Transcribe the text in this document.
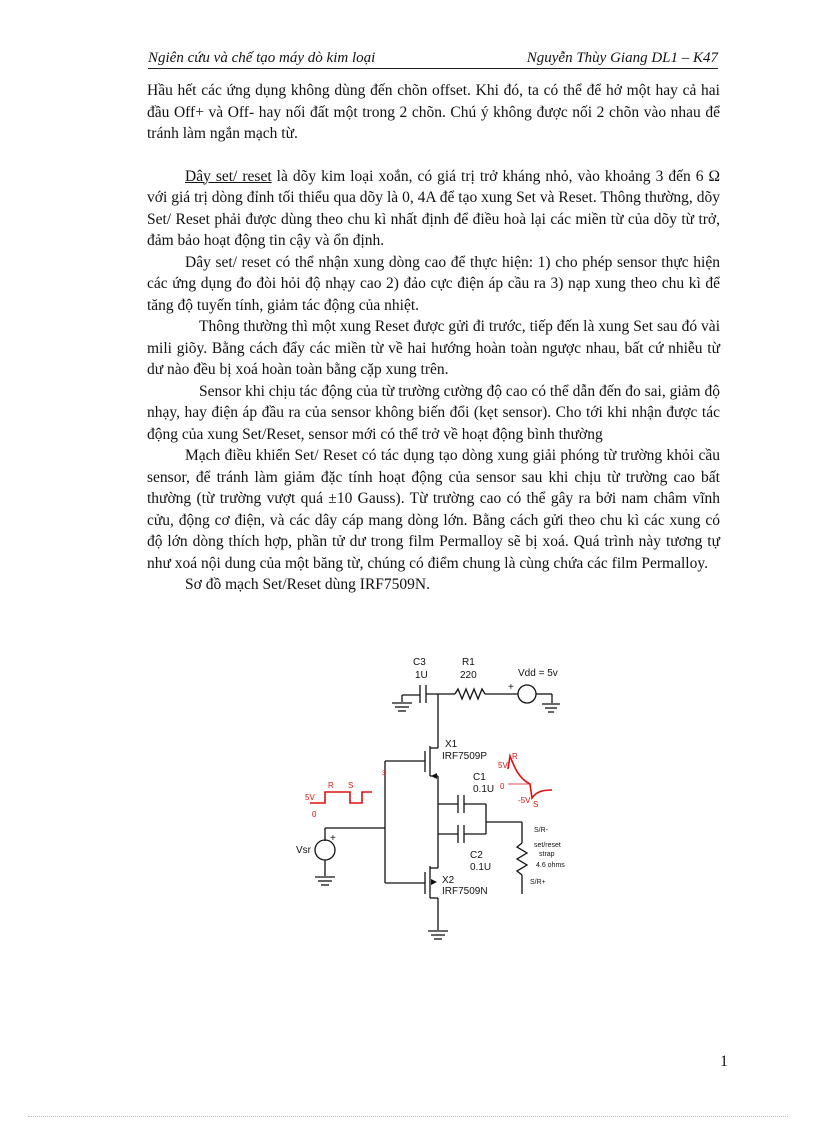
Ngiên cứu và chế tạo máy dò kim loại	Nguyễn Thùy Giang DL1 – K47

Hầu hết các ứng dụng không dùng đến chõn offset. Khi đó, ta có thể để hở một hay cả hai đầu Off+ và Off- hay nối đất một trong 2 chõn. Chú ý không được nối 2 chõn vào nhau để tránh làm ngắn mạch từ.

Dây set/ reset là dõy kim loại xoắn, có giá trị trở kháng nhỏ, vào khoảng 3 đến 6 Ω với giá trị dòng đỉnh tối thiểu qua dõy là 0, 4A để tạo xung Set và Reset. Thông thường, dõy Set/ Reset phải được dùng theo chu kì nhất định để điều hoà lại các miền từ của dõy từ trở, đảm bảo hoạt động tin cậy và ổn định.

Dây set/ reset có thể nhận xung dòng cao để thực hiện: 1) cho phép sensor thực hiện các ứng dụng đo đòi hỏi độ nhạy cao 2) đảo cực điện áp cầu ra 3) nạp xung theo chu kì để tăng độ tuyến tính, giảm tác động của nhiệt.

Thông thường thì một xung Reset được gửi đi trước, tiếp đến là xung Set sau đó vài mili giõy. Bằng cách đẩy các miền từ về hai hướng hoàn toàn ngược nhau, bất cứ nhiễu từ dư nào đều bị xoá hoàn toàn bằng cặp xung trên.

Sensor khi chịu tác động của từ trường cường độ cao có thể dẫn đến đo sai, giảm độ nhạy, hay điện áp đầu ra của sensor không biến đổi (kẹt sensor). Cho tới khi nhận được tác động của xung Set/Reset, sensor mới có thể trở về hoạt động bình thường

Mạch điều khiển Set/ Reset có tác dụng tạo dòng xung giải phóng từ trường khỏi cầu sensor, để tránh làm giảm đặc tính hoạt động của sensor sau khi chịu từ trường cao bất thường (từ trường vượt quá ±10 Gauss). Từ trường cao có thể gây ra bởi nam châm vĩnh cửu, động cơ điện, và các dây cáp mang dòng lớn. Bằng cách gửi theo chu kì các xung có độ lớn dòng thích hợp, phần tử dư trong film Permalloy sẽ bị xoá. Quá trình này tương tự như xoá nội dung của một băng từ, chúng có điểm chung là cùng chứa các film Permalloy.

Sơ đồ mạch Set/Reset dùng IRF7509N.

5V
0
R S
5V
0
-5V
R
S
3
C3
1U
R1
220	Vdd = 5v
+
X1
IRF7509P
C1
0.1U
C2
0.1U
X2
IRF7509N
Vsr
+
S/R-
set/reset
strap
4.6 ohms
S/R+
1
